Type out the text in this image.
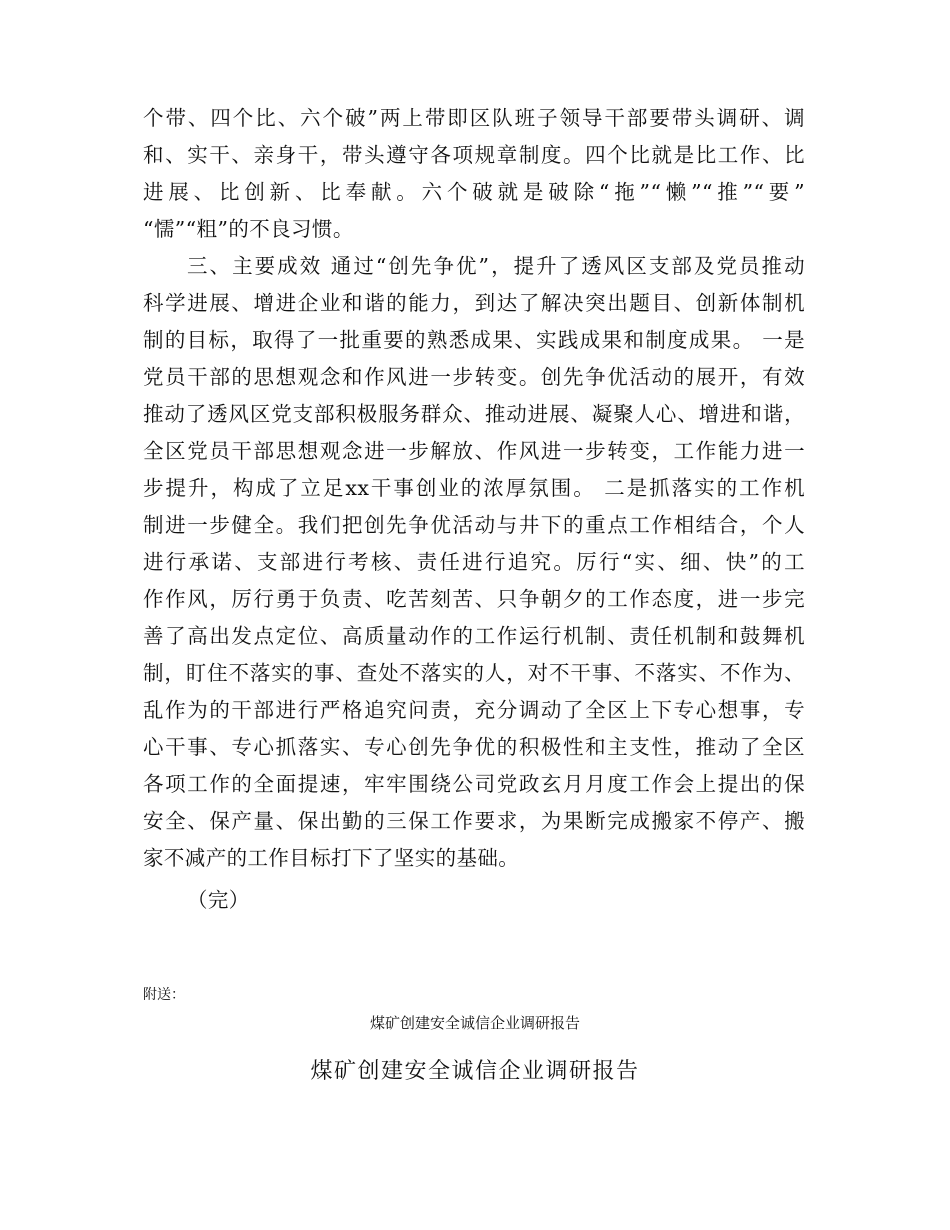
个带、四个比、六个破”两上带即区队班子领导干部要带头调研、调
和、实干、亲身干，带头遵守各项规章制度。四个比就是比工作、比
进展、比创新、比奉献。六个破就是破除“拖”“懒”“推”“要”
“懦”“粗”的不良习惯。
三、主要成效 通过“创先争优”，提升了透风区支部及党员推动
科学进展、增进企业和谐的能力，到达了解决突出题目、创新体制机
制的目标，取得了一批重要的熟悉成果、实践成果和制度成果。 一是
党员干部的思想观念和作风进一步转变。创先争优活动的展开，有效
推动了透风区党支部积极服务群众、推动进展、凝聚人心、增进和谐，
全区党员干部思想观念进一步解放、作风进一步转变，工作能力进一
步提升，构成了立足xx干事创业的浓厚氛围。 二是抓落实的工作机
制进一步健全。我们把创先争优活动与井下的重点工作相结合，个人
进行承诺、支部进行考核、责任进行追究。厉行“实、细、快”的工
作作风，厉行勇于负责、吃苦刻苦、只争朝夕的工作态度，进一步完
善了高出发点定位、高质量动作的工作运行机制、责任机制和鼓舞机
制，盯住不落实的事、查处不落实的人，对不干事、不落实、不作为、
乱作为的干部进行严格追究问责，充分调动了全区上下专心想事，专
心干事、专心抓落实、专心创先争优的积极性和主支性，推动了全区
各项工作的全面提速，牢牢围绕公司党政玄月月度工作会上提出的保
安全、保产量、保出勤的三保工作要求，为果断完成搬家不停产、搬
家不减产的工作目标打下了坚实的基础。
（完）
附送：
煤矿创建安全诚信企业调研报告
煤矿创建安全诚信企业调研报告
